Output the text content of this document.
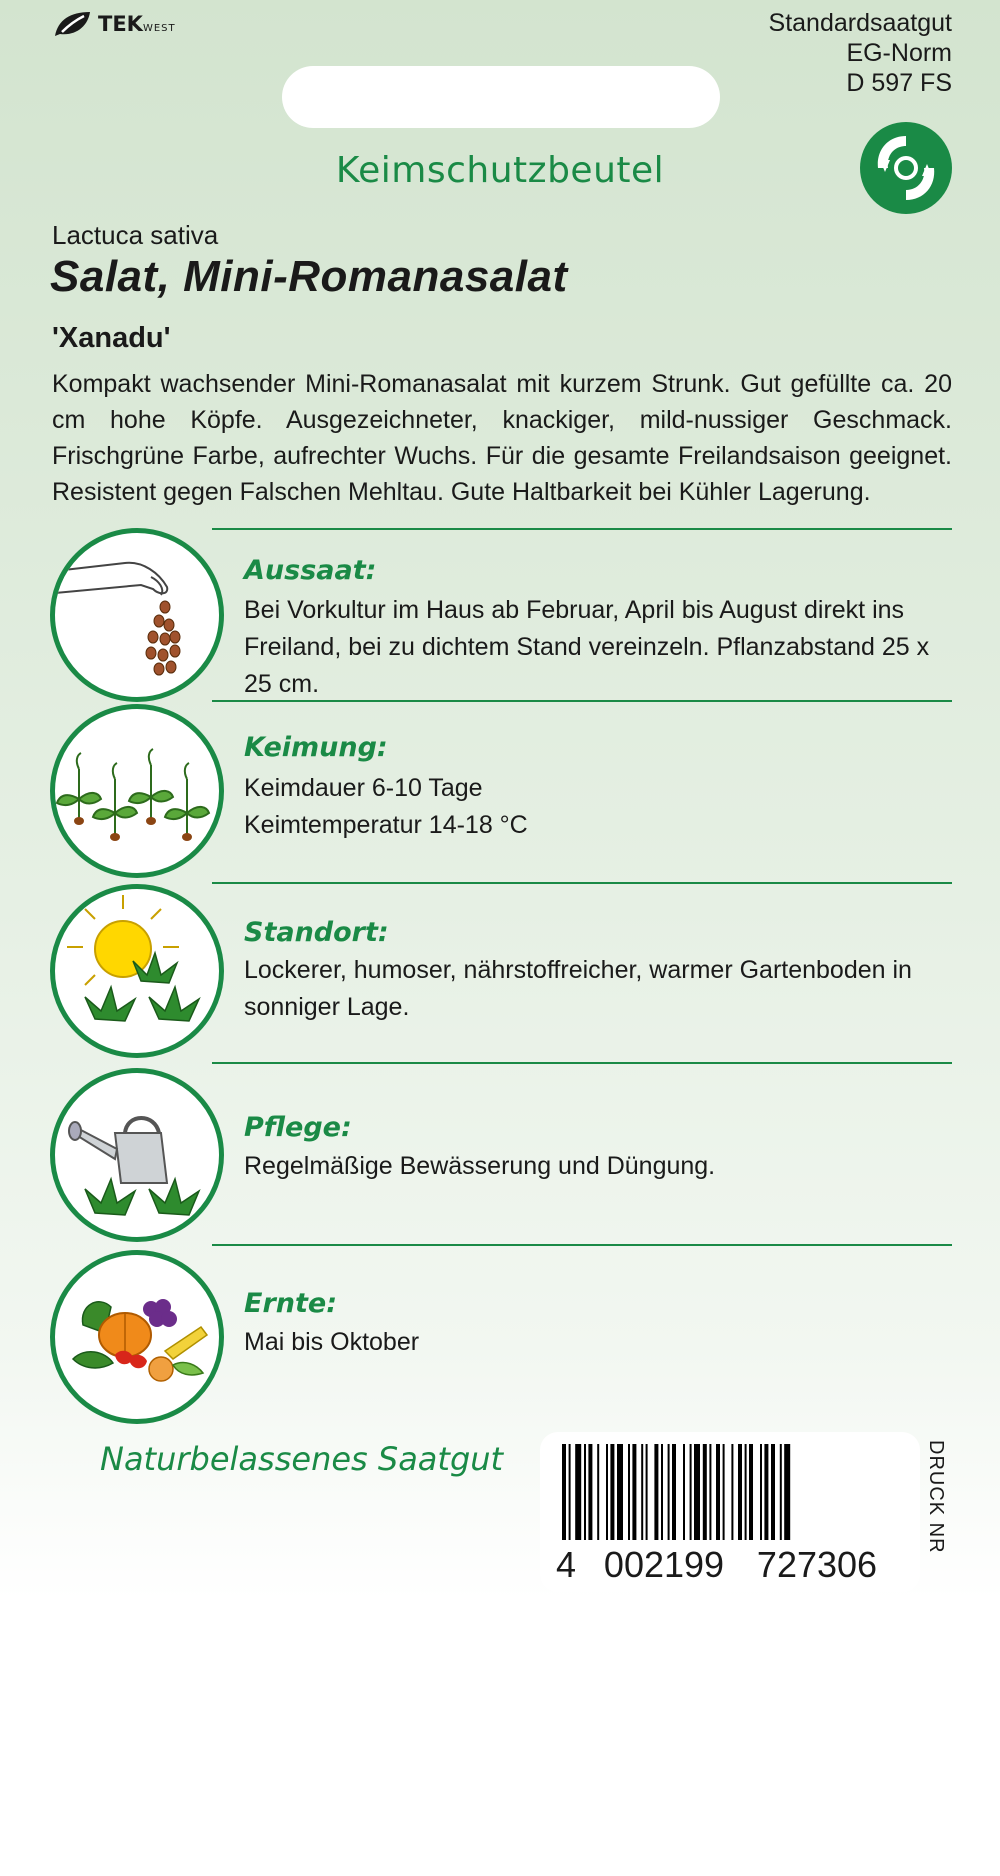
TEKWEST	Standardsaatgut
EG-Norm
D 597 FS
Keimschutzbeutel
Lactuca sativa
Salat, Mini-Romanasalat
'Xanadu'
Kompakt wachsender Mini-Romanasalat mit kurzem Strunk. Gut gefüllte ca. 20 cm hohe Köpfe. Ausgezeichneter, knackiger, mild-nussiger Geschmack. Frischgrüne Farbe, aufrechter Wuchs. Für die gesamte Freilandsaison geeignet. Resistent gegen Falschen Mehltau. Gute Haltbarkeit bei Kühler Lagerung.
Aussaat:
Bei Vorkultur im Haus ab Februar, April bis August direkt ins Freiland, bei zu dichtem Stand vereinzeln. Pflanzabstand 25 x 25 cm.
Keimung:
Keimdauer 6-10 Tage
Keimtemperatur 14-18 °C
Standort:
Lockerer, humoser, nährstoffreicher, warmer Gartenboden in sonniger Lage.
Pflege:
Regelmäßige Bewässerung und Düngung.
Ernte:
Mai bis Oktober
Naturbelassenes Saatgut
4 002199 727306
DRUCK NR
